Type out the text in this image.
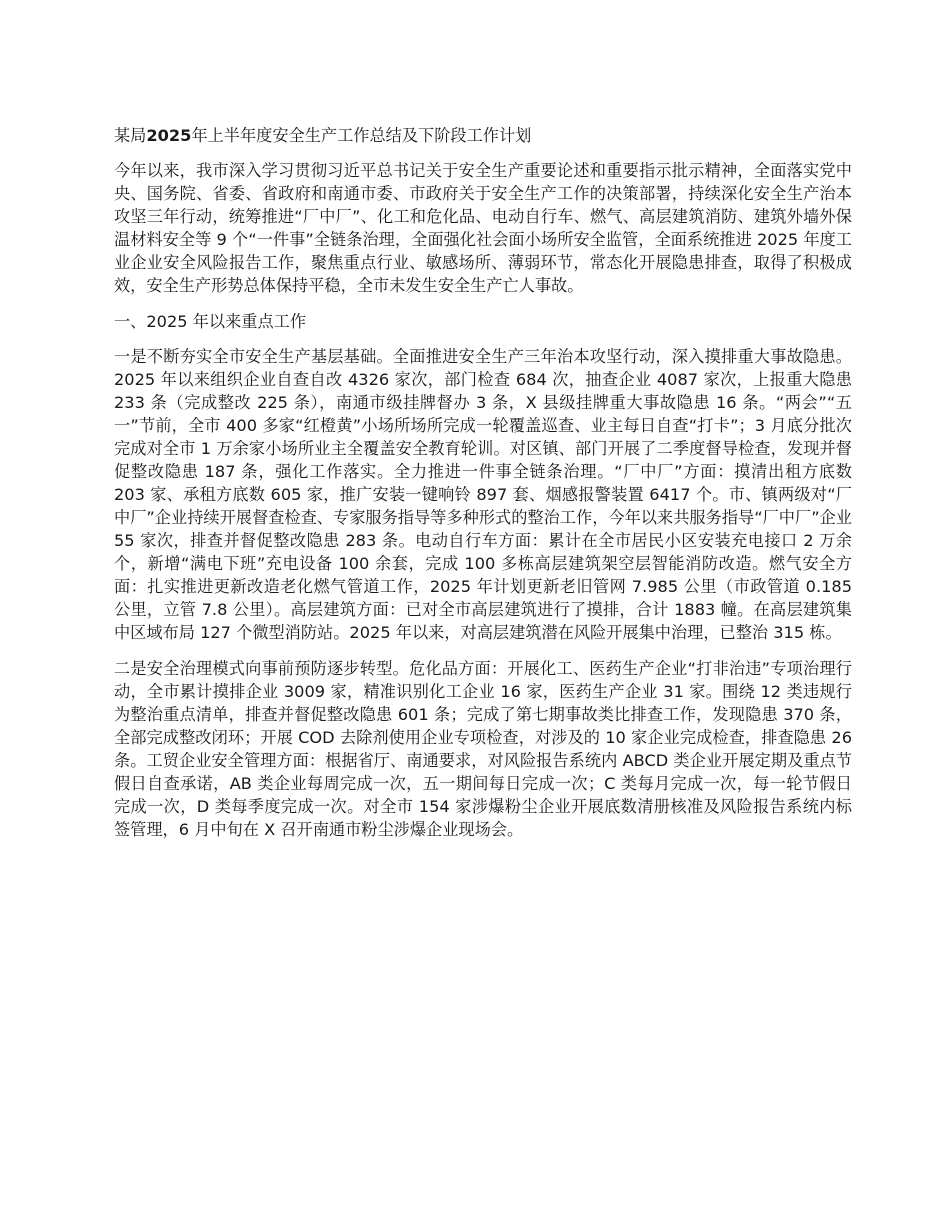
某局2025年上半年度安全生产工作总结及下阶段工作计划

今年以来，我市深入学习贯彻习近平总书记关于安全生产重要论述和重要指示批示精神，全面落实党中央、国务院、省委、省政府和南通市委、市政府关于安全生产工作的决策部署，持续深化安全生产治本攻坚三年行动，统筹推进“厂中厂”、化工和危化品、电动自行车、燃气、高层建筑消防、建筑外墙外保温材料安全等 9 个“一件事”全链条治理，全面强化社会面小场所安全监管，全面系统推进 2025 年度工业企业安全风险报告工作，聚焦重点行业、敏感场所、薄弱环节，常态化开展隐患排查，取得了积极成效，安全生产形势总体保持平稳，全市未发生安全生产亡人事故。

一、2025 年以来重点工作

一是不断夯实全市安全生产基层基础。全面推进安全生产三年治本攻坚行动，深入摸排重大事故隐患。2025 年以来组织企业自查自改 4326 家次，部门检查 684 次，抽查企业 4087 家次，上报重大隐患 233 条（完成整改 225 条），南通市级挂牌督办 3 条，X 县级挂牌重大事故隐患 16 条。“两会”“五一”节前，全市 400 多家“红橙黄”小场所场所完成一轮覆盖巡查、业主每日自查“打卡”；3 月底分批次完成对全市 1 万余家小场所业主全覆盖安全教育轮训。对区镇、部门开展了二季度督导检查，发现并督促整改隐患 187 条，强化工作落实。全力推进一件事全链条治理。“厂中厂”方面：摸清出租方底数 203 家、承租方底数 605 家，推广安装一键响铃 897 套、烟感报警装置 6417 个。市、镇两级对“厂中厂”企业持续开展督查检查、专家服务指导等多种形式的整治工作，今年以来共服务指导“厂中厂”企业 55 家次，排查并督促整改隐患 283 条。电动自行车方面：累计在全市居民小区安装充电接口 2 万余个，新增“满电下班”充电设备 100 余套，完成 100 多栋高层建筑架空层智能消防改造。燃气安全方面：扎实推进更新改造老化燃气管道工作，2025 年计划更新老旧管网 7.985 公里（市政管道 0.185 公里，立管 7.8 公里）。高层建筑方面：已对全市高层建筑进行了摸排，合计 1883 幢。在高层建筑集中区域布局 127 个微型消防站。2025 年以来，对高层建筑潜在风险开展集中治理，已整治 315 栋。

二是安全治理模式向事前预防逐步转型。危化品方面：开展化工、医药生产企业“打非治违”专项治理行动，全市累计摸排企业 3009 家，精准识别化工企业 16 家，医药生产企业 31 家。围绕 12 类违规行为整治重点清单，排查并督促整改隐患 601 条；完成了第七期事故类比排查工作，发现隐患 370 条，全部完成整改闭环；开展 COD 去除剂使用企业专项检查，对涉及的 10 家企业完成检查，排查隐患 26 条。工贸企业安全管理方面：根据省厅、南通要求，对风险报告系统内 ABCD 类企业开展定期及重点节假日自查承诺，AB 类企业每周完成一次，五一期间每日完成一次；C 类每月完成一次，每一轮节假日完成一次，D 类每季度完成一次。对全市 154 家涉爆粉尘企业开展底数清册核准及风险报告系统内标签管理，6 月中旬在 X 召开南通市粉尘涉爆企业现场会。
